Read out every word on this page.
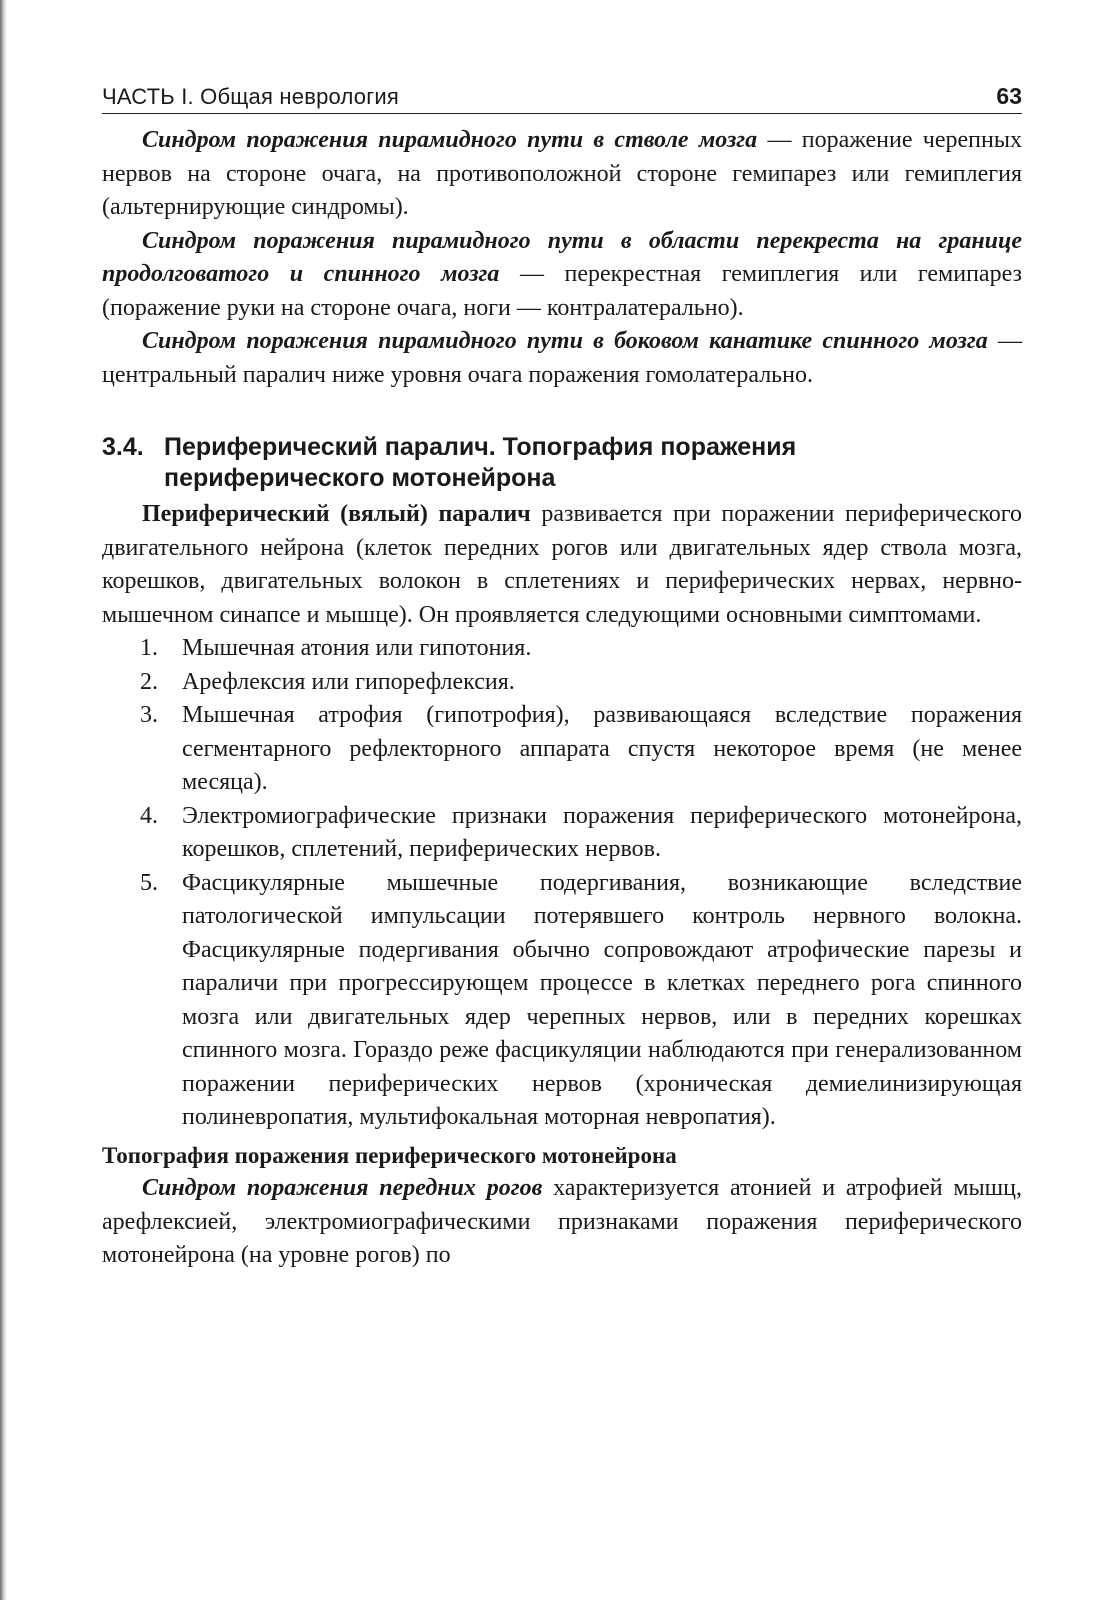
ЧАСТЬ I. Общая неврология	63

Синдром поражения пирамидного пути в стволе мозга — поражение черепных нервов на стороне очага, на противоположной стороне гемипарез или гемиплегия (альтернирующие синдромы).

Синдром поражения пирамидного пути в области перекреста на границе продолговатого и спинного мозга — перекрестная гемиплегия или гемипарез (поражение руки на стороне очага, ноги — контралатерально).

Синдром поражения пирамидного пути в боковом канатике спинного мозга — центральный паралич ниже уровня очага поражения гомолатерально.

3.4. Периферический паралич. Топография поражения периферического мотонейрона

Периферический (вялый) паралич развивается при поражении периферического двигательного нейрона (клеток передних рогов или двигательных ядер ствола мозга, корешков, двигательных волокон в сплетениях и периферических нервах, нервно-мышечном синапсе и мышце). Он проявляется следующими основными симптомами.

1. Мышечная атония или гипотония.
2. Арефлексия или гипорефлексия.
3. Мышечная атрофия (гипотрофия), развивающаяся вследствие поражения сегментарного рефлекторного аппарата спустя некоторое время (не менее месяца).
4. Электромиографические признаки поражения периферического мотонейрона, корешков, сплетений, периферических нервов.
5. Фасцикулярные мышечные подергивания, возникающие вследствие патологической импульсации потерявшего контроль нервного волокна. Фасцикулярные подергивания обычно сопровождают атрофические парезы и параличи при прогрессирующем процессе в клетках переднего рога спинного мозга или двигательных ядер черепных нервов, или в передних корешках спинного мозга. Гораздо реже фасцикуляции наблюдаются при генерализованном поражении периферических нервов (хроническая демиелинизирующая полиневропатия, мультифокальная моторная невропатия).
Топография поражения периферического мотонейрона

Синдром поражения передних рогов характеризуется атонией и атрофией мышц, арефлексией, электромиографическими признаками поражения периферического мотонейрона (на уровне рогов) по
